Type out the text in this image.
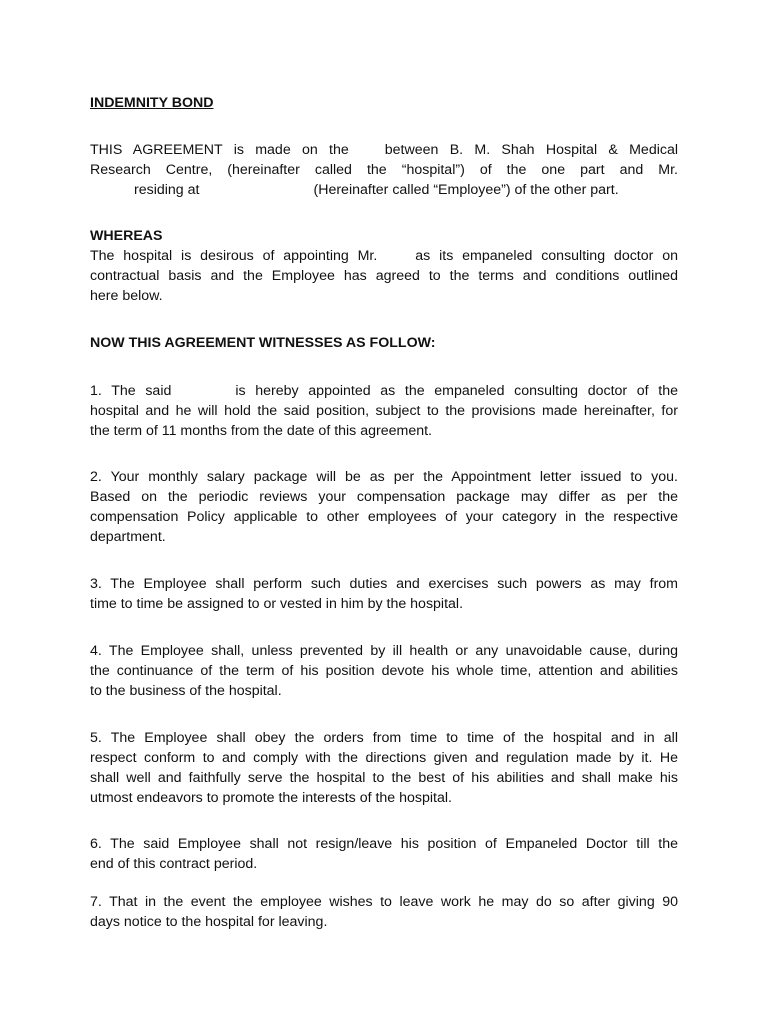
INDEMNITY BOND

THIS AGREEMENT is made on the	between B. M. Shah Hospital & Medical
Research Centre, (hereinafter called the “hospital”) of the one part and Mr.
residing at	(Hereinafter called “Employee”) of the other part.

WHEREAS

The hospital is desirous of appointing Mr.	as its empaneled consulting doctor on
contractual basis and the Employee has agreed to the terms and conditions outlined
here below.

NOW THIS AGREEMENT WITNESSES AS FOLLOW:

1. The said	is hereby appointed as the empaneled consulting doctor of the
hospital and he will hold the said position, subject to the provisions made hereinafter, for
the term of 11 months from the date of this agreement.
2. Your monthly salary package will be as per the Appointment letter issued to you.
Based on the periodic reviews your compensation package may differ as per the
compensation Policy applicable to other employees of your category in the respective
department.
3. The Employee shall perform such duties and exercises such powers as may from
time to time be assigned to or vested in him by the hospital.
4. The Employee shall, unless prevented by ill health or any unavoidable cause, during
the continuance of the term of his position devote his whole time, attention and abilities
to the business of the hospital.
5. The Employee shall obey the orders from time to time of the hospital and in all
respect conform to and comply with the directions given and regulation made by it. He
shall well and faithfully serve the hospital to the best of his abilities and shall make his
utmost endeavors to promote the interests of the hospital.
6. The said Employee shall not resign/leave his position of Empaneled Doctor till the
end of this contract period.
7. That in the event the employee wishes to leave work he may do so after giving 90
days notice to the hospital for leaving.
